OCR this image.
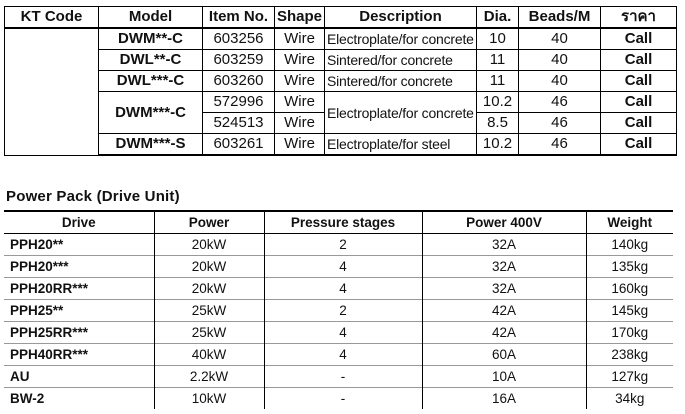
KT Code	Model	Item No.	Shape	Description	Dia.	Beads/M	ราคา
	DWM**-C	603256	Wire	Electroplate/for concrete	10	40	Call
	DWL**-C	603259	Wire	Sintered/for concrete	11	40	Call
	DWL***-C	603260	Wire	Sintered/for concrete	11	40	Call
	DWM***-C	572996	Wire	Electroplate/for concrete	10.2	46	Call
		524513	Wire		8.5	46	Call
	DWM***-S	603261	Wire	Electroplate/for steel	10.2	46	Call
Power Pack (Drive Unit)
Drive	Power	Pressure stages	Power 400V	Weight
PPH20**	20kW	2	32A	140kg
PPH20***	20kW	4	32A	135kg
PPH20RR***	20kW	4	32A	160kg
PPH25**	25kW	2	42A	145kg
PPH25RR***	25kW	4	42A	170kg
PPH40RR***	40kW	4	60A	238kg
AU	2.2kW	-	10A	127kg
BW-2	10kW	-	16A	34kg
